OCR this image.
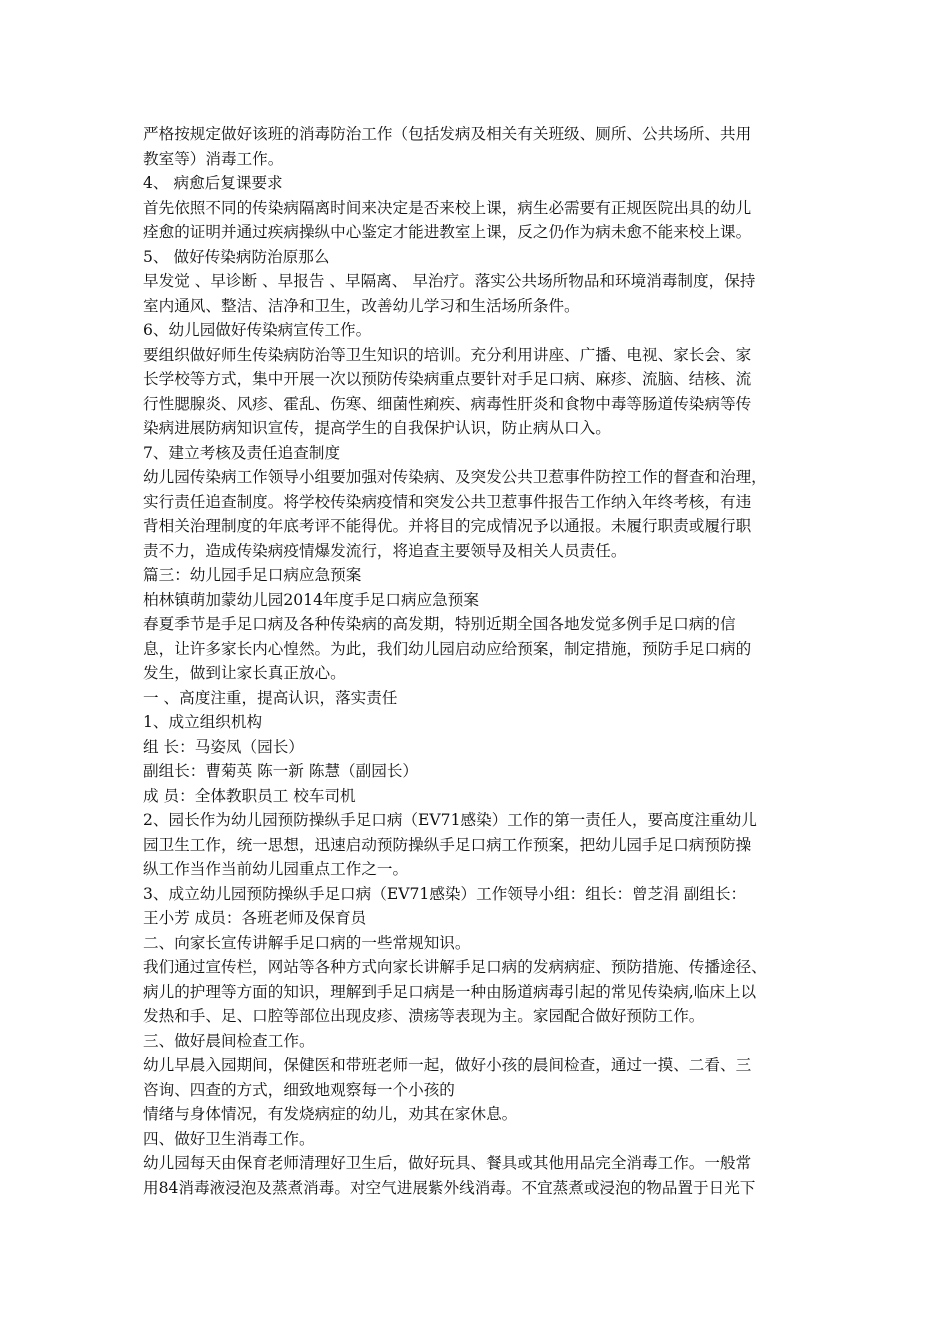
严格按规定做好该班的消毒防治工作（包括发病及相关有关班级、厕所、公共场所、共用
教室等）消毒工作。
4、 病愈后复课要求
首先依照不同的传染病隔离时间来决定是否来校上课，病生必需要有正规医院出具的幼儿
痊愈的证明并通过疾病操纵中心鉴定才能进教室上课，反之仍作为病未愈不能来校上课。
5、 做好传染病防治原那么
早发觉 、早诊断 、早报告 、早隔离、 早治疗。落实公共场所物品和环境消毒制度，保持
室内通风、整洁、洁净和卫生，改善幼儿学习和生活场所条件。
6、幼儿园做好传染病宣传工作。
要组织做好师生传染病防治等卫生知识的培训。充分利用讲座、广播、电视、家长会、家
长学校等方式，集中开展一次以预防传染病重点要针对手足口病、麻疹、流脑、结核、流
行性腮腺炎、风疹、霍乱、伤寒、细菌性痢疾、病毒性肝炎和食物中毒等肠道传染病等传
染病进展防病知识宣传，提高学生的自我保护认识，防止病从口入。
7、建立考核及责任追查制度
幼儿园传染病工作领导小组要加强对传染病、及突发公共卫惹事件防控工作的督查和治理，
实行责任追查制度。将学校传染病疫情和突发公共卫惹事件报告工作纳入年终考核，有违
背相关治理制度的年底考评不能得优。并将目的完成情况予以通报。未履行职责或履行职
责不力，造成传染病疫情爆发流行，将追查主要领导及相关人员责任。
篇三：幼儿园手足口病应急预案
柏林镇萌加蒙幼儿园2014年度手足口病应急预案
春夏季节是手足口病及各种传染病的高发期，特别近期全国各地发觉多例手足口病的信
息，让许多家长内心惶然。为此，我们幼儿园启动应给预案，制定措施，预防手足口病的
发生，做到让家长真正放心。
一 、高度注重，提高认识，落实责任
1、成立组织机构
组 长：马姿凤（园长）
副组长：曹菊英 陈一新 陈慧（副园长）
成 员：全体教职员工 校车司机
2、园长作为幼儿园预防操纵手足口病（EV71感染）工作的第一责任人，要高度注重幼儿
园卫生工作，统一思想，迅速启动预防操纵手足口病工作预案，把幼儿园手足口病预防操
纵工作当作当前幼儿园重点工作之一。
3、成立幼儿园预防操纵手足口病（EV71感染）工作领导小组：组长：曾芝涓 副组长：
王小芳 成员：各班老师及保育员
二、向家长宣传讲解手足口病的一些常规知识。
我们通过宣传栏，网站等各种方式向家长讲解手足口病的发病病症、预防措施、传播途径、
病儿的护理等方面的知识，理解到手足口病是一种由肠道病毒引起的常见传染病,临床上以
发热和手、足、口腔等部位出现皮疹、溃疡等表现为主。家园配合做好预防工作。
三、做好晨间检查工作。
幼儿早晨入园期间，保健医和带班老师一起，做好小孩的晨间检查，通过一摸、二看、三
咨询、四查的方式，细致地观察每一个小孩的
情绪与身体情况，有发烧病症的幼儿，劝其在家休息。
四、做好卫生消毒工作。
幼儿园每天由保育老师清理好卫生后，做好玩具、餐具或其他用品完全消毒工作。一般常
用84消毒液浸泡及蒸煮消毒。对空气进展紫外线消毒。不宜蒸煮或浸泡的物品置于日光下
